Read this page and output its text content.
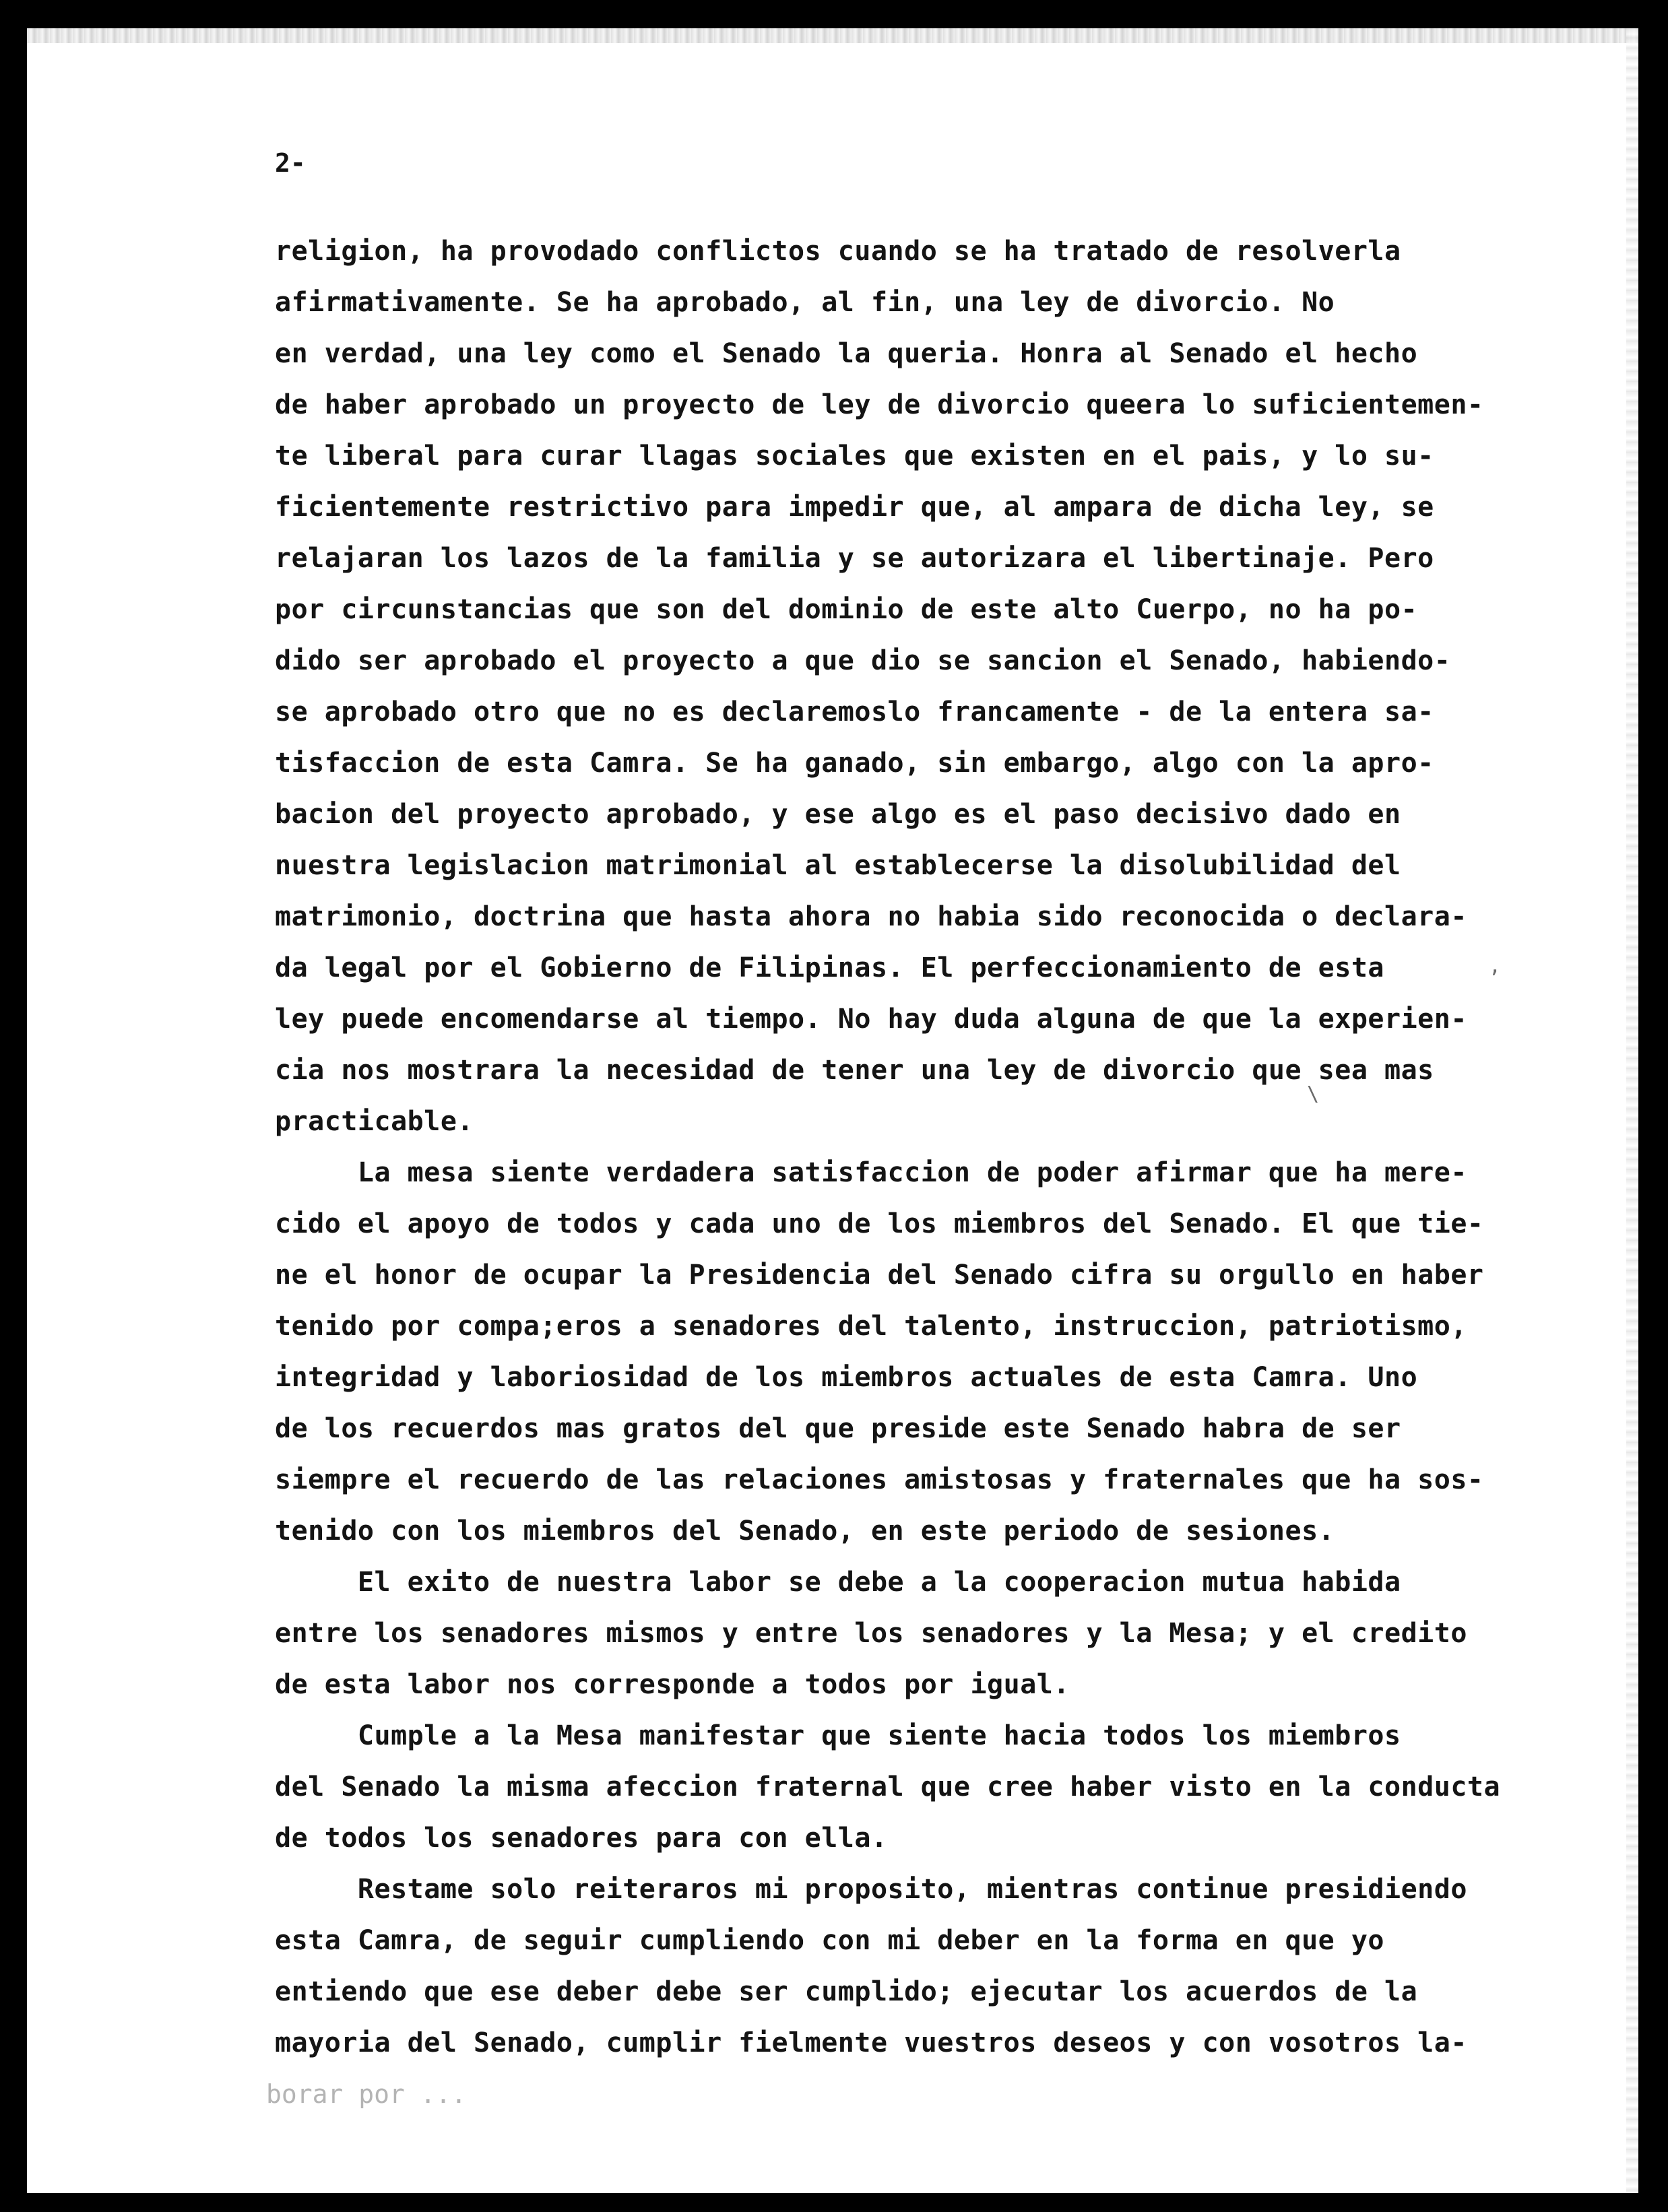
2-

religion, ha provodado conflictos cuando se ha tratado de resolverla

afirmativamente. Se ha aprobado, al fin, una ley de divorcio. No

en verdad, una ley como el Senado la queria. Honra al Senado el hecho

de haber aprobado un proyecto de ley de divorcio queera lo suficientemen-

te liberal para curar llagas sociales que existen en el pais, y lo su-

ficientemente restrictivo para impedir que, al ampara de dicha ley, se

relajaran los lazos de la familia y se autorizara el libertinaje. Pero

por circunstancias que son del dominio de este alto Cuerpo, no ha po-

dido ser aprobado el proyecto a que dio se sancion el Senado, habiendo-

se aprobado otro que no es declaremoslo francamente - de la entera sa-

tisfaccion de esta Camra. Se ha ganado, sin embargo, algo con la apro-

bacion del proyecto aprobado, y ese algo es el paso decisivo dado en

nuestra legislacion matrimonial al establecerse la disolubilidad del

matrimonio, doctrina que hasta ahora no habia sido reconocida o declara-

da legal por el Gobierno de Filipinas. El perfeccionamiento de esta

ley puede encomendarse al tiempo. No hay duda alguna de que la experien-

cia nos mostrara la necesidad de tener una ley de divorcio que sea mas

practicable.

La mesa siente verdadera satisfaccion de poder afirmar que ha mere-

cido el apoyo de todos y cada uno de los miembros del Senado. El que tie-

ne el honor de ocupar la Presidencia del Senado cifra su orgullo en haber

tenido por compa;eros a senadores del talento, instruccion, patriotismo,

integridad y laboriosidad de los miembros actuales de esta Camra. Uno

de los recuerdos mas gratos del que preside este Senado habra de ser

siempre el recuerdo de las relaciones amistosas y fraternales que ha sos-

tenido con los miembros del Senado, en este periodo de sesiones.

El exito de nuestra labor se debe a la cooperacion mutua habida

entre los senadores mismos y entre los senadores y la Mesa; y el credito

de esta labor nos corresponde a todos por igual.

Cumple a la Mesa manifestar que siente hacia todos los miembros

del Senado la misma afeccion fraternal que cree haber visto en la conducta

de todos los senadores para con ella.

Restame solo reiteraros mi proposito, mientras continue presidiendo

esta Camra, de seguir cumpliendo con mi deber en la forma en que yo

entiendo que ese deber debe ser cumplido; ejecutar los acuerdos de la

mayoria del Senado, cumplir fielmente vuestros deseos y con vosotros la-

\
,

borar por ...
